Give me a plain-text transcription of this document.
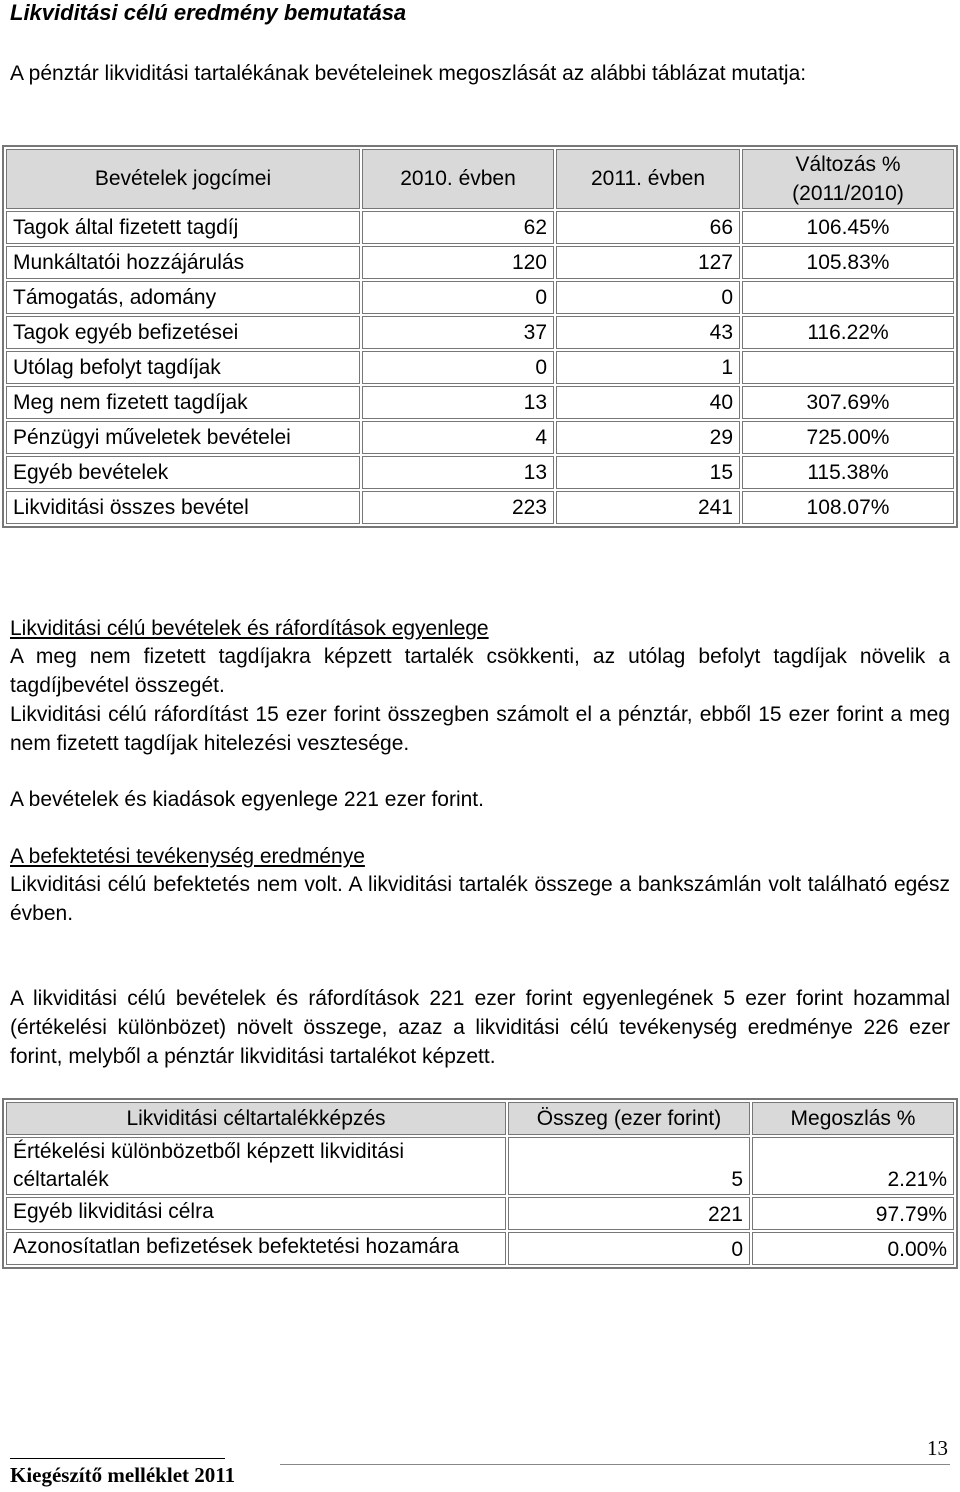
Likviditási célú eredmény bemutatása

A pénztár likviditási tartalékának bevételeinek megoszlását az alábbi táblázat mutatja:

Bevételek jogcímei	2010. évben	2011. évben	Változás %
(2011/2010)
Tagok által fizetett tagdíj	62	66	106.45%
Munkáltatói hozzájárulás	120	127	105.83%
Támogatás, adomány	0	0	
Tagok egyéb befizetései	37	43	116.22%
Utólag befolyt tagdíjak	0	1	
Meg nem fizetett tagdíjak	13	40	307.69%
Pénzügyi műveletek bevételei	4	29	725.00%
Egyéb bevételek	13	15	115.38%
Likviditási összes bevétel	223	241	108.07%
Likviditási célú bevételek és ráfordítások egyenlege

A meg nem fizetett tagdíjakra képzett tartalék csökkenti, az utólag befolyt tagdíjak növelik a tagdíjbevétel összegét.

Likviditási célú ráfordítást 15 ezer forint összegben számolt el a pénztár, ebből 15 ezer forint a meg nem fizetett tagdíjak hitelezési vesztesége.

A bevételek és kiadások egyenlege 221 ezer forint.

A befektetési tevékenység eredménye

Likviditási célú befektetés nem volt. A likviditási tartalék összege a bankszámlán volt található egész évben.

A likviditási célú bevételek és ráfordítások 221 ezer forint egyenlegének 5 ezer forint hozammal (értékelési különbözet) növelt összege, azaz a likviditási célú tevékenység eredménye 226 ezer forint, melyből a pénztár likviditási tartalékot képzett.

Likviditási céltartalékképzés	Összeg (ezer forint)	Megoszlás %
Értékelési különbözetből képzett likviditási céltartalék	5	2.21%
Egyéb likviditási célra	221	97.79%
Azonosítatlan befizetések befektetési hozamára	0	0.00%
13
Kiegészítő melléklet 2011
